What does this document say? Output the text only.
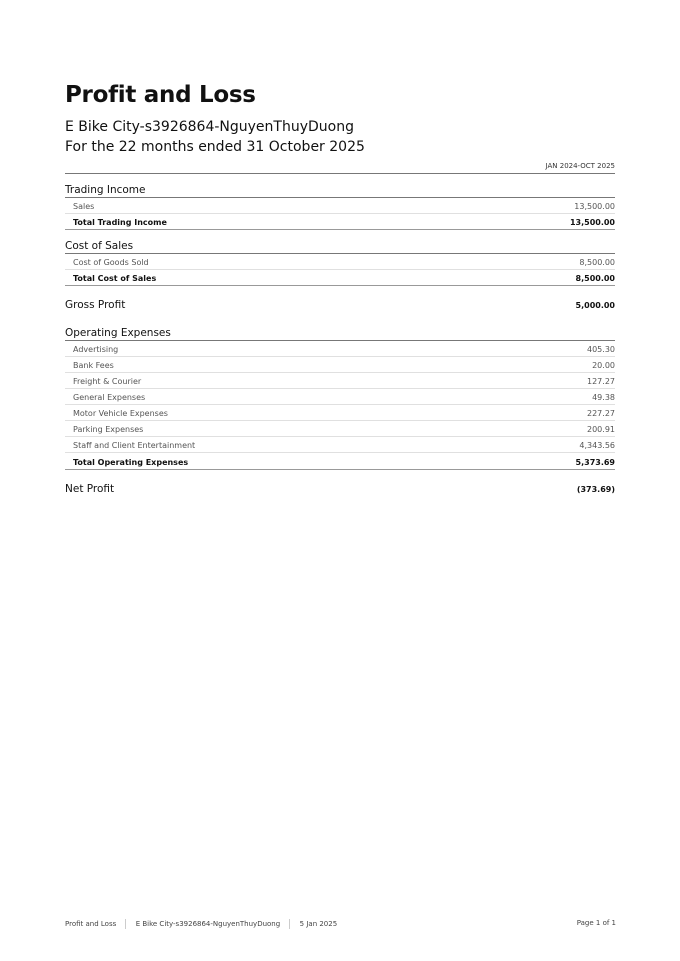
Profit and Loss
E Bike City-s3926864-NguyenThuyDuong
For the 22 months ended 31 October 2025
JAN 2024-OCT 2025
Trading Income
Sales	13,500.00
Total Trading Income	13,500.00
Cost of Sales
Cost of Goods Sold	8,500.00
Total Cost of Sales	8,500.00
Gross Profit	5,000.00
Operating Expenses
Advertising	405.30
Bank Fees	20.00
Freight & Courier	127.27
General Expenses	49.38
Motor Vehicle Expenses	227.27
Parking Expenses	200.91
Staff and Client Entertainment	4,343.56
Total Operating Expenses	5,373.69
Net Profit	(373.69)
Profit and Loss	E Bike City-s3926864-NguyenThuyDuong	5 Jan 2025	Page 1 of 1
